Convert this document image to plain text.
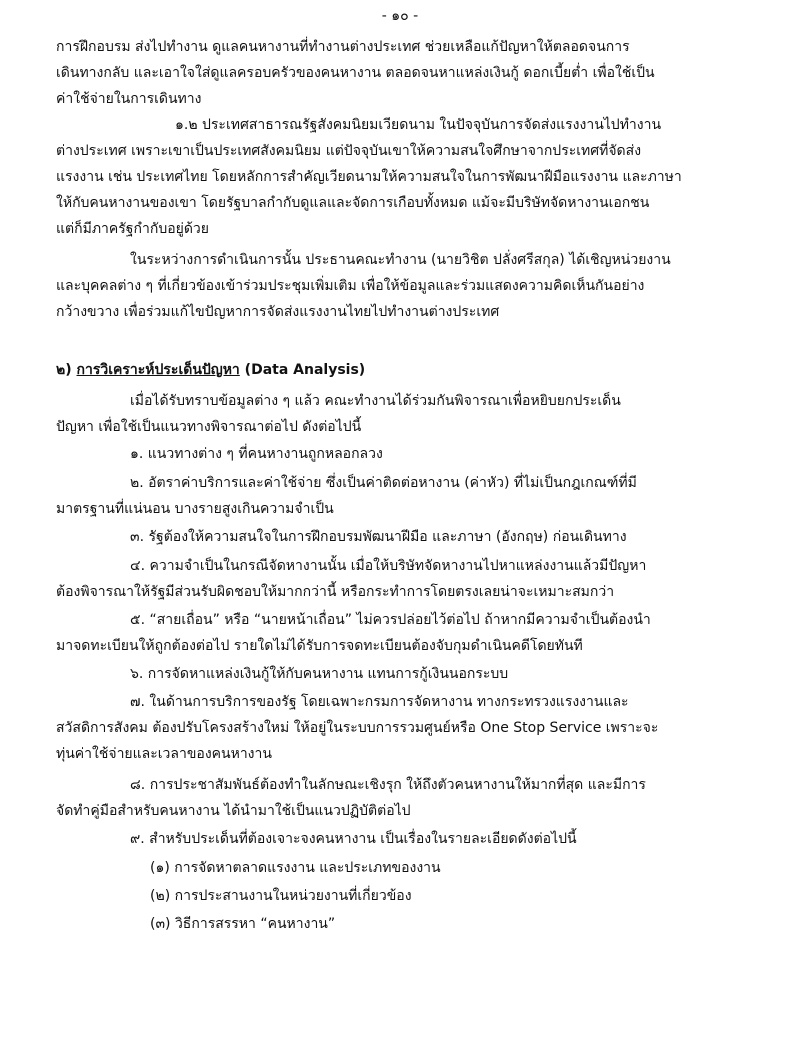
- ๑๐ -
การฝึกอบรม ส่งไปทำงาน ดูแลคนหางานที่ทำงานต่างประเทศ ช่วยเหลือแก้ปัญหาให้ตลอดจนการ
เดินทางกลับ และเอาใจใส่ดูแลครอบครัวของคนหางาน ตลอดจนหาแหล่งเงินกู้ ดอกเบี้ยต่ำ เพื่อใช้เป็น
ค่าใช้จ่ายในการเดินทาง
๑.๒ ประเทศสาธารณรัฐสังคมนิยมเวียดนาม ในปัจจุบันการจัดส่งแรงงานไปทำงาน
ต่างประเทศ เพราะเขาเป็นประเทศสังคมนิยม แต่ปัจจุบันเขาให้ความสนใจศึกษาจากประเทศที่จัดส่ง
แรงงาน เช่น ประเทศไทย โดยหลักการสำคัญเวียดนามให้ความสนใจในการพัฒนาฝีมือแรงงาน และภาษา
ให้กับคนหางานของเขา โดยรัฐบาลกำกับดูแลและจัดการเกือบทั้งหมด แม้จะมีบริษัทจัดหางานเอกชน
แต่ก็มีภาครัฐกำกับอยู่ด้วย
ในระหว่างการดำเนินการนั้น ประธานคณะทำงาน (นายวิชิต ปลั่งศรีสกุล) ได้เชิญหน่วยงาน
และบุคคลต่าง ๆ ที่เกี่ยวข้องเข้าร่วมประชุมเพิ่มเติม เพื่อให้ข้อมูลและร่วมแสดงความคิดเห็นกันอย่าง
กว้างขวาง เพื่อร่วมแก้ไขปัญหาการจัดส่งแรงงานไทยไปทำงานต่างประเทศ
๒) การวิเคราะห์ประเด็นปัญหา (Data Analysis)
เมื่อได้รับทราบข้อมูลต่าง ๆ แล้ว คณะทำงานได้ร่วมกันพิจารณาเพื่อหยิบยกประเด็น
ปัญหา เพื่อใช้เป็นแนวทางพิจารณาต่อไป ดังต่อไปนี้
๑. แนวทางต่าง ๆ ที่คนหางานถูกหลอกลวง
๒. อัตราค่าบริการและค่าใช้จ่าย ซึ่งเป็นค่าติดต่อหางาน (ค่าหัว) ที่ไม่เป็นกฎเกณฑ์ที่มี
มาตรฐานที่แน่นอน บางรายสูงเกินความจำเป็น
๓. รัฐต้องให้ความสนใจในการฝึกอบรมพัฒนาฝีมือ และภาษา (อังกฤษ) ก่อนเดินทาง
๔. ความจำเป็นในกรณีจัดหางานนั้น เมื่อให้บริษัทจัดหางานไปหาแหล่งงานแล้วมีปัญหา
ต้องพิจารณาให้รัฐมีส่วนรับผิดชอบให้มากกว่านี้ หรือกระทำการโดยตรงเลยน่าจะเหมาะสมกว่า
๕. “สายเถื่อน” หรือ “นายหน้าเถื่อน” ไม่ควรปล่อยไว้ต่อไป ถ้าหากมีความจำเป็นต้องนำ
มาจดทะเบียนให้ถูกต้องต่อไป รายใดไม่ได้รับการจดทะเบียนต้องจับกุมดำเนินคดีโดยทันที
๖. การจัดหาแหล่งเงินกู้ให้กับคนหางาน แทนการกู้เงินนอกระบบ
๗. ในด้านการบริการของรัฐ โดยเฉพาะกรมการจัดหางาน ทางกระทรวงแรงงานและ
สวัสดิการสังคม ต้องปรับโครงสร้างใหม่ ให้อยู่ในระบบการรวมศูนย์หรือ One Stop Service เพราะจะ
ทุ่นค่าใช้จ่ายและเวลาของคนหางาน
๘. การประชาสัมพันธ์ต้องทำในลักษณะเชิงรุก ให้ถึงตัวคนหางานให้มากที่สุด และมีการ
จัดทำคู่มือสำหรับคนหางาน ได้นำมาใช้เป็นแนวปฏิบัติต่อไป
๙. สำหรับประเด็นที่ต้องเจาะจงคนหางาน เป็นเรื่องในรายละเอียดดังต่อไปนี้
(๑) การจัดหาตลาดแรงงาน และประเภทของงาน
(๒) การประสานงานในหน่วยงานที่เกี่ยวข้อง
(๓) วิธีการสรรหา “คนหางาน”
